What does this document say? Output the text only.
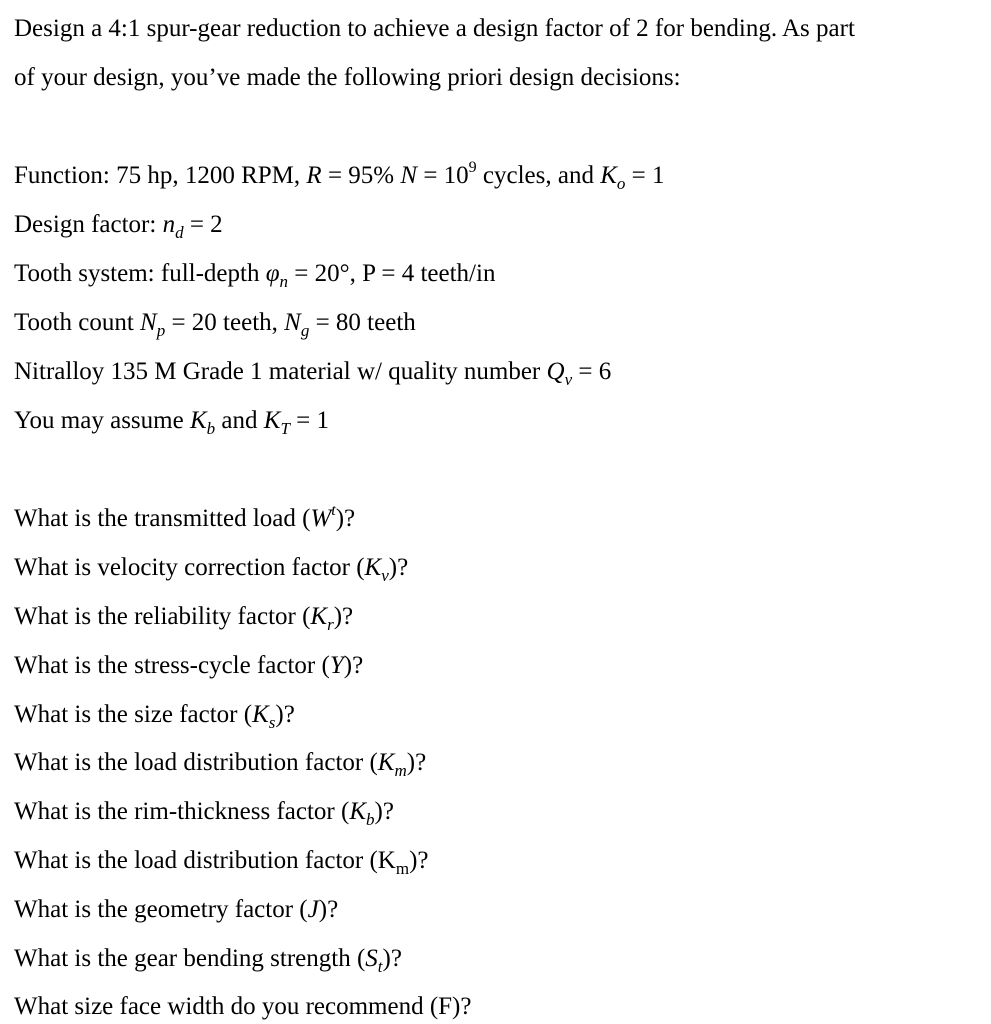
Design a 4:1 spur-gear reduction to achieve a design factor of 2 for bending. As part
of your design, you’ve made the following priori design decisions:
Function: 75 hp, 1200 RPM, R = 95% $N = 10^9$ cycles, and $K_o = 1$
Design factor: $n_d = 2$
Tooth system: full-depth $\varphi_n = 20^\circ$, P = 4 teeth/in
Tooth count $N_p = 20$ teeth, $N_g = 80$ teeth
Nitralloy 135 M Grade 1 material w/ quality number $Q_v = 6$
You may assume $K_b$ and $K_T = 1$
What is the transmitted load $(W^t)$?
What is velocity correction factor $(K_v)$?
What is the reliability factor $(K_r)$?
What is the stress-cycle factor (Y)?
What is the size factor $(K_s)$?
What is the load distribution factor $(K_m)$?
What is the rim-thickness factor $(K_b)$?
What is the load distribution factor $(K_m)$?
What is the geometry factor (J)?
What is the gear bending strength $(S_t)$?
What size face width do you recommend (F)?
